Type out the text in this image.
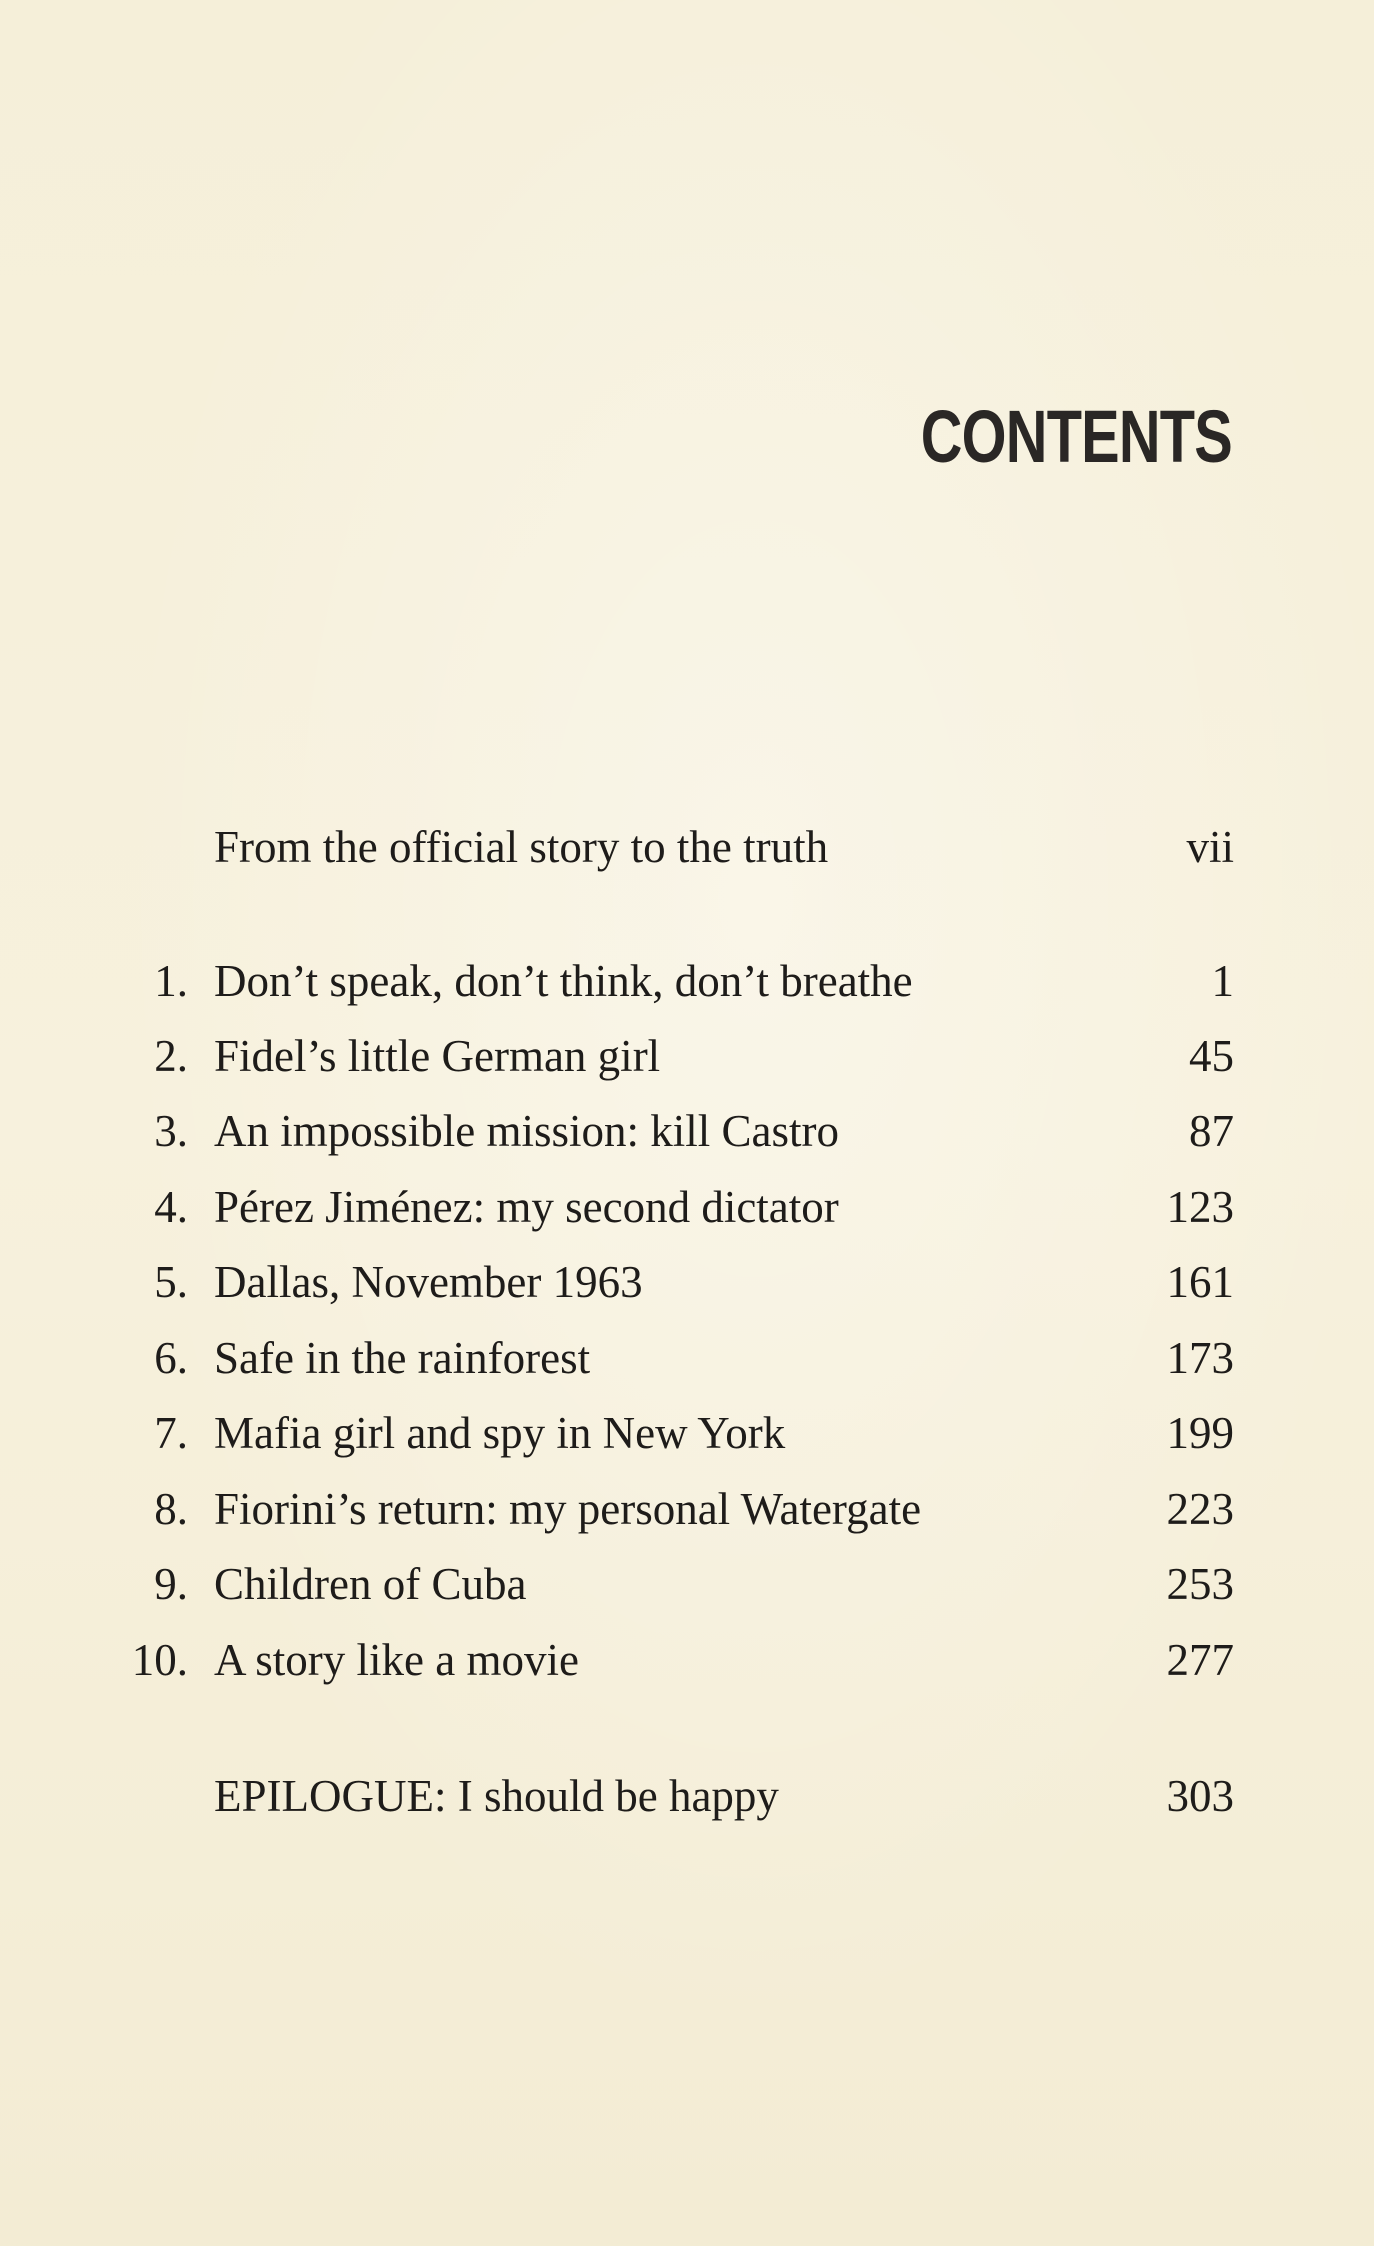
CONTENTS
From the official story to the truth	vii
1. Don’t speak, don’t think, don’t breathe	1
2. Fidel’s little German girl	45
3. An impossible mission: kill Castro	87
4. Pérez Jiménez: my second dictator	123
5. Dallas, November 1963	161
6. Safe in the rainforest	173
7. Mafia girl and spy in New York	199
8. Fiorini’s return: my personal Watergate	223
9. Children of Cuba	253
10. A story like a movie	277
EPILOGUE: I should be happy	303
